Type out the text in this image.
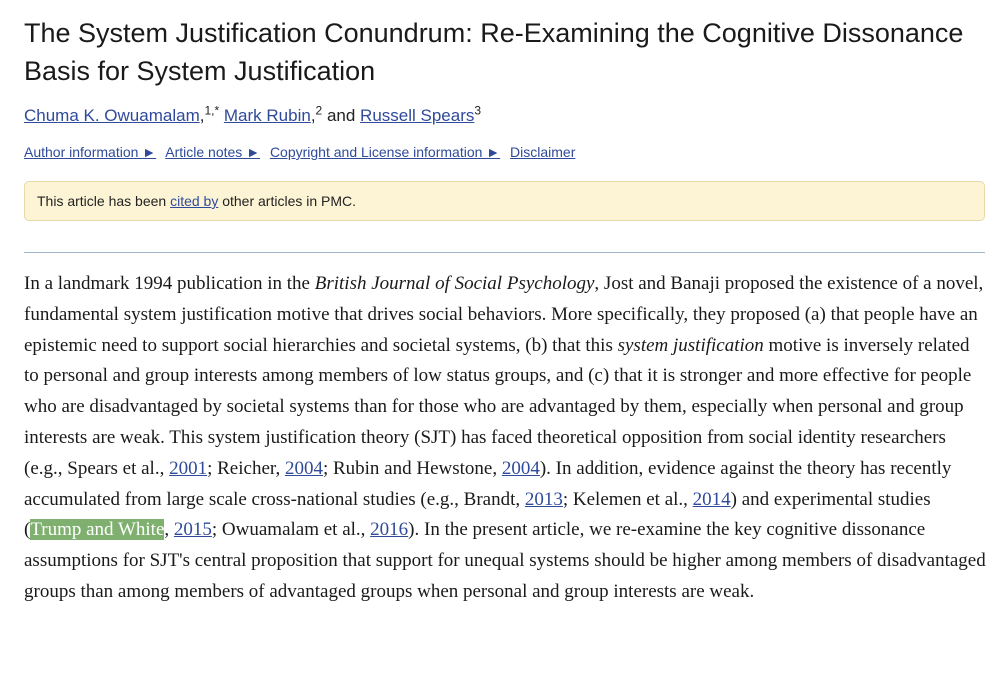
The System Justification Conundrum: Re-Examining the Cognitive Dissonance Basis for System Justification
Chuma K. Owuamalam,$^{1,*}$ Mark Rubin,$^2$ and Russell Spears$^3$
Author information ► Article notes ► Copyright and License information ► Disclaimer
This article has been cited by other articles in PMC.

In a landmark 1994 publication in the British Journal of Social Psychology, Jost and Banaji proposed the existence of a novel, fundamental system justification motive that drives social behaviors. More specifically, they proposed (a) that people have an epistemic need to support social hierarchies and societal systems, (b) that this system justification motive is inversely related to personal and group interests among members of low status groups, and (c) that it is stronger and more effective for people who are disadvantaged by societal systems than for those who are advantaged by them, especially when personal and group interests are weak. This system justification theory (SJT) has faced theoretical opposition from social identity researchers (e.g., Spears et al., 2001; Reicher, 2004; Rubin and Hewstone, 2004). In addition, evidence against the theory has recently accumulated from large scale cross-national studies (e.g., Brandt, 2013; Kelemen et al., 2014) and experimental studies (Trump and White, 2015; Owuamalam et al., 2016). In the present article, we re-examine the key cognitive dissonance assumptions for SJT's central proposition that support for unequal systems should be higher among members of disadvantaged groups than among members of advantaged groups when personal and group interests are weak.
